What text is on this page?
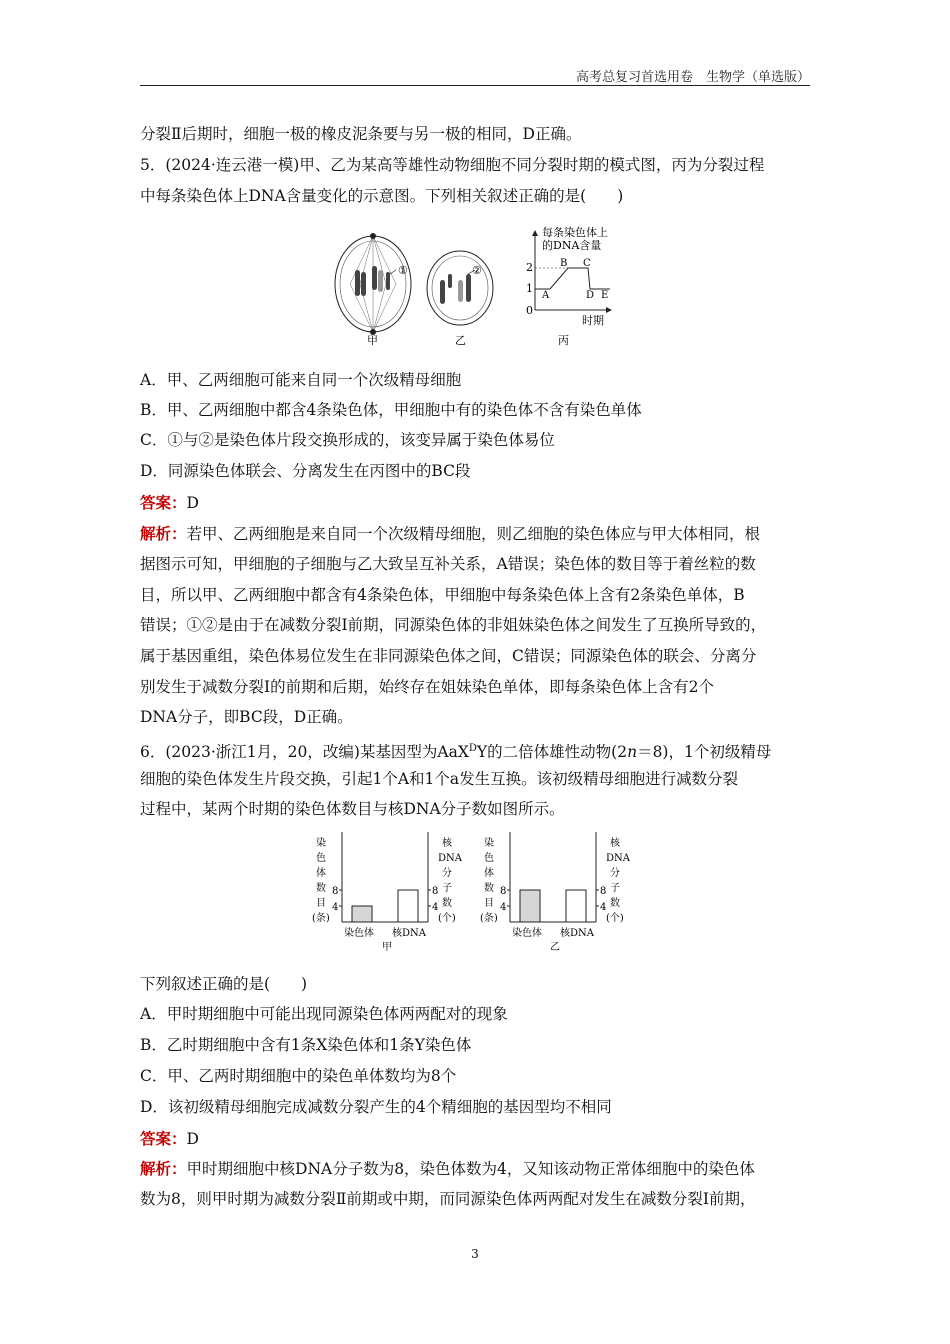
高考总复习首选用卷　生物学（单选版）
分裂Ⅱ后期时，细胞一极的橡皮泥条要与另一极的相同，D正确。
5．(2024·连云港一模)甲、乙为某高等雄性动物细胞不同分裂时期的模式图，丙为分裂过程
中每条染色体上DNA含量变化的示意图。下列相关叙述正确的是(　　)
①	②
每条染色体上
的DNA含量
0
1
2
A
B C
D E
时期
甲	乙	丙
A．甲、乙两细胞可能来自同一个次级精母细胞
B．甲、乙两细胞中都含4条染色体，甲细胞中有的染色体不含有染色单体
C．①与②是染色体片段交换形成的，该变异属于染色体易位
D．同源染色体联会、分离发生在丙图中的BC段
答案：D
解析：若甲、乙两细胞是来自同一个次级精母细胞，则乙细胞的染色体应与甲大体相同，根
据图示可知，甲细胞的子细胞与乙大致呈互补关系，A错误；染色体的数目等于着丝粒的数
目，所以甲、乙两细胞中都含有4条染色体，甲细胞中每条染色体上含有2条染色单体，B
错误；①②是由于在减数分裂Ⅰ前期，同源染色体的非姐妹染色体之间发生了互换所导致的，
属于基因重组，染色体易位发生在非同源染色体之间，C错误；同源染色体的联会、分离分
别发生于减数分裂Ⅰ的前期和后期，始终存在姐妹染色单体，即每条染色体上含有2个
DNA分子，即BC段，D正确。
6．(2023·浙江1月，20，改编)某基因型为AaX$^D$Y的二倍体雄性动物(2n＝8)，1个初级精母
细胞的染色体发生片段交换，引起1个A和1个a发生互换。该初级精母细胞进行减数分裂
过程中，某两个时期的染色体数目与核DNA分子数如图所示。
4	4
8	8
染
色
体
数
目
(条)
核
DNA
分
子
数
(个)
染色体 核DNA
甲
4	4
8	8
染
色
体
数
目
(条)
核
DNA
分
子
数
(个)
染色体 核DNA
乙
下列叙述正确的是(　　)
A．甲时期细胞中可能出现同源染色体两两配对的现象
B．乙时期细胞中含有1条X染色体和1条Y染色体
C．甲、乙两时期细胞中的染色单体数均为8个
D．该初级精母细胞完成减数分裂产生的4个精细胞的基因型均不相同
答案：D
解析：甲时期细胞中核DNA分子数为8，染色体数为4，又知该动物正常体细胞中的染色体
数为8，则甲时期为减数分裂Ⅱ前期或中期，而同源染色体两两配对发生在减数分裂Ⅰ前期，
3
